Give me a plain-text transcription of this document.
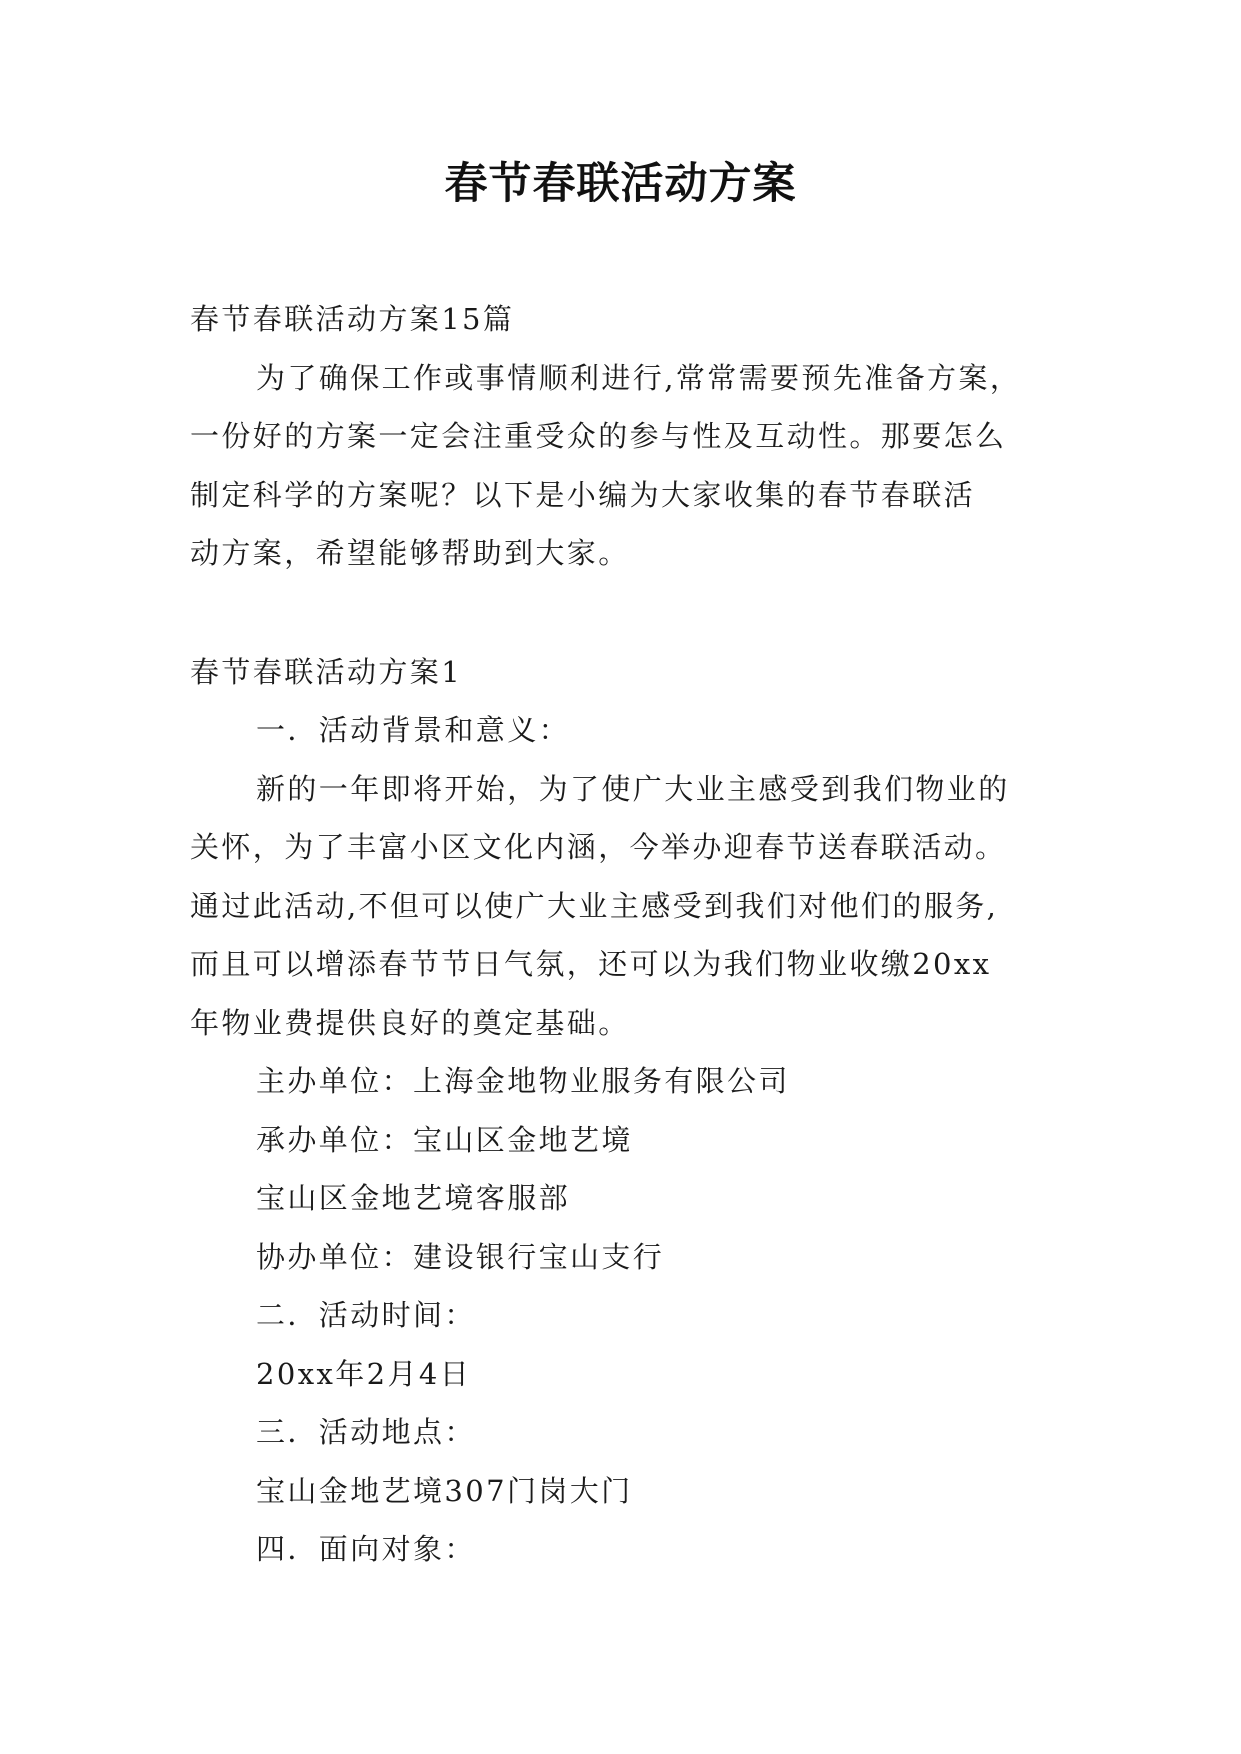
春节春联活动方案
春节春联活动方案15篇
为了确保工作或事情顺利进行,常常需要预先准备方案，
一份好的方案一定会注重受众的参与性及互动性。那要怎么
制定科学的方案呢？以下是小编为大家收集的春节春联活
动方案，希望能够帮助到大家。
春节春联活动方案1
一．活动背景和意义：
新的一年即将开始，为了使广大业主感受到我们物业的
关怀，为了丰富小区文化内涵，今举办迎春节送春联活动。
通过此活动,不但可以使广大业主感受到我们对他们的服务,
而且可以增添春节节日气氛，还可以为我们物业收缴20xx
年物业费提供良好的奠定基础。
主办单位：上海金地物业服务有限公司
承办单位：宝山区金地艺境
宝山区金地艺境客服部
协办单位：建设银行宝山支行
二．活动时间：
20xx年2月4日
三．活动地点：
宝山金地艺境307门岗大门
四．面向对象：
